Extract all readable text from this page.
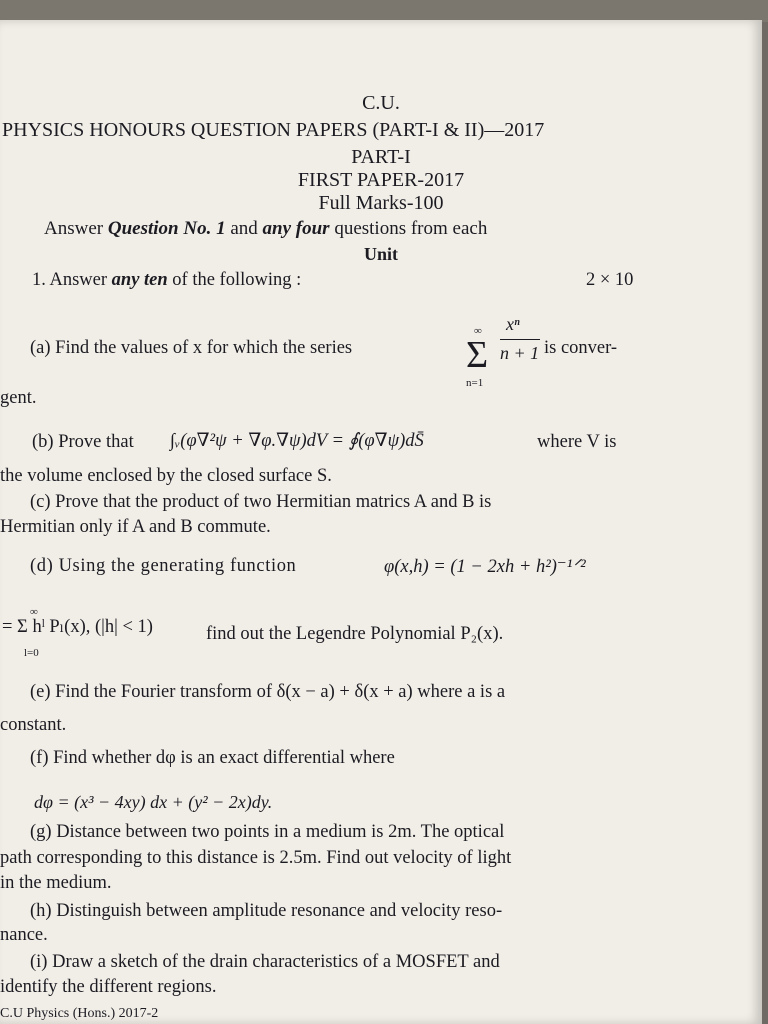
C.U.
PHYSICS HONOURS QUESTION PAPERS (PART-I & II)—2017
PART-I
FIRST PAPER-2017
Full Marks-100
Answer Question No. 1 and any four questions from each
Unit
1. Answer any ten of the following :	2 × 10
(a) Find the values of x for which the series	Σ
∞
n=1
xⁿ
n + 1 is conver-
gent.
(b) Prove that ∫ᵥ(φ∇²ψ + ∇φ.∇ψ)dV = ∮(φ∇ψ)dS̄	where V is
the volume enclosed by the closed surface S.
(c) Prove that the product of two Hermitian matrics A and B is
Hermitian only if A and B commute.
(d) Using the generating function	φ(x,h) = (1 − 2xh + h²)⁻¹ᐟ²
= Σ hˡ Pₗ(x), (|h| < 1)
∞
l=0
find out the Legendre Polynomial P₂(x).
(e) Find the Fourier transform of δ(x − a) + δ(x + a) where a is a
constant.
(f) Find whether dφ is an exact differential where
dφ = (x³ − 4xy) dx + (y² − 2x)dy.
(g) Distance between two points in a medium is 2m. The optical
path corresponding to this distance is 2.5m. Find out velocity of light
in the medium.
(h) Distinguish between amplitude resonance and velocity reso-
nance.
(i) Draw a sketch of the drain characteristics of a MOSFET and
identify the different regions.
C.U Physics (Hons.) 2017-2
